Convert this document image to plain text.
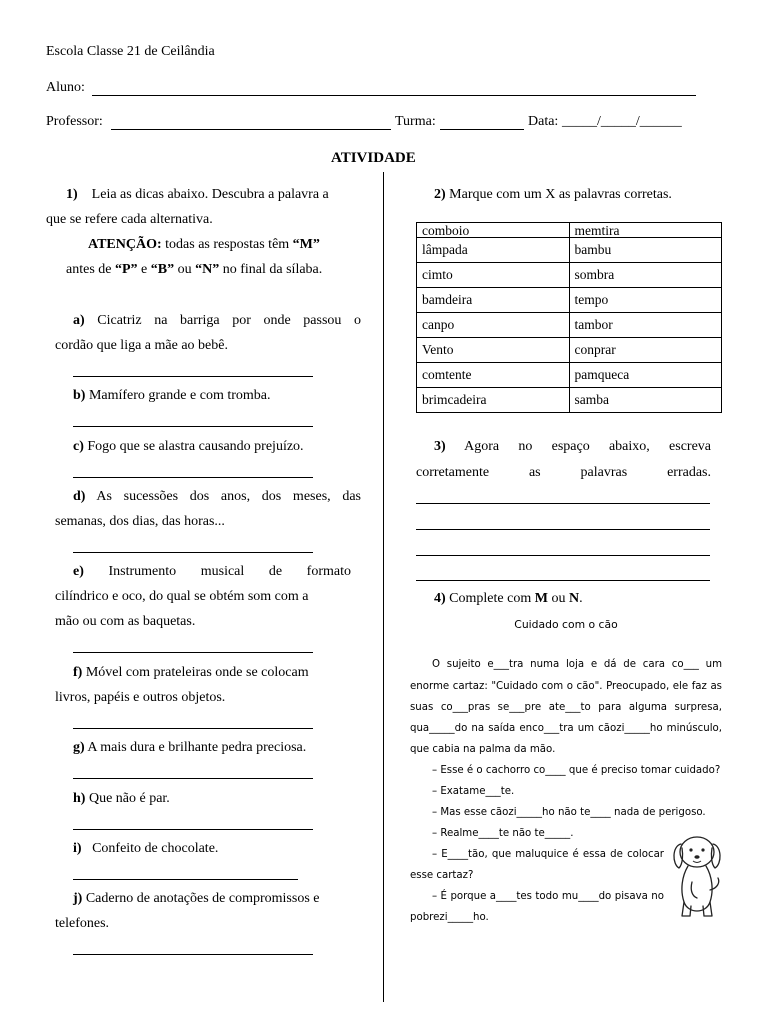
Escola Classe 21 de Ceilândia
Aluno:
Professor:	Turma:	Data: _____/_____/______
ATIVIDADE
1) Leia as dicas abaixo. Descubra a palavra a
que se refere cada alternativa.
ATENÇÃO: todas as respostas têm “M”
antes de “P” e “B” ou “N” no final da sílaba.
a) Cicatriz na barriga por onde passou o
cordão que liga a mãe ao bebê.
b) Mamífero grande e com tromba.
c) Fogo que se alastra causando prejuízo.
d) As sucessões dos anos, dos meses, das
semanas, dos dias, das horas...
e) Instrumento musical de formato
cilíndrico e oco, do qual se obtém som com a
mão ou com as baquetas.
f) Móvel com prateleiras onde se colocam
livros, papéis e outros objetos.
g) A mais dura e brilhante pedra preciosa.
h) Que não é par.
i) Confeito de chocolate.
j) Caderno de anotações de compromissos e
telefones.
2) Marque com um X as palavras corretas.
comboio	memtira
lâmpada	bambu
cimto	sombra
bamdeira	tempo
canpo	tambor
Vento	conprar
comtente	pamqueca
brimcadeira	samba
3) Agora no espaço abaixo, escreva
corretamente as palavras erradas.
4) Complete com M ou N.
Cuidado com o cão
O sujeito e___tra numa loja e dá de cara co___ um
enorme cartaz: "Cuidado com o cão". Preocupado, ele faz as
suas co___pras se___pre ate___to para alguma surpresa,
qua_____do na saída enco___tra um cãozi_____ho minúsculo,
que cabia na palma da mão.
– Esse é o cachorro co____ que é preciso tomar cuidado?
– Exatame___te.
– Mas esse cãozi_____ho não te____ nada de perigoso.
– Realme____te não te_____.
– E____tão, que maluquice é essa de colocar
esse cartaz?
– É porque a____tes todo mu____do pisava no
pobrezi_____ho.
